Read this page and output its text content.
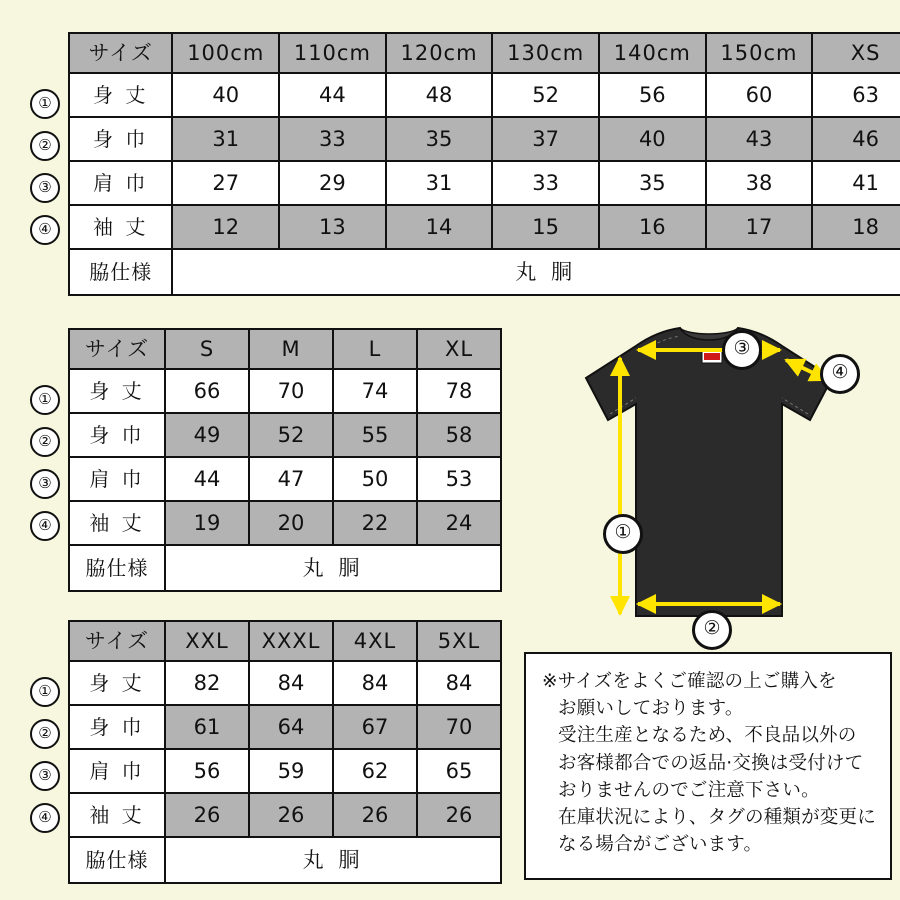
サイズ	100cm	110cm	120cm	130cm	140cm	150cm	XS
身 丈	40	44	48	52	56	60	63
身 巾	31	33	35	37	40	43	46
肩 巾	27	29	31	33	35	38	41
袖 丈	12	13	14	15	16	17	18
脇仕様	丸 胴						
①
②
③
④
サイズ	S	M	L	XL
身 丈	66	70	74	78
身 巾	49	52	55	58
肩 巾	44	47	50	53
袖 丈	19	20	22	24
脇仕様	丸 胴			
①
②
③
④
サイズ	XXL	XXXL	4XL	5XL
身 丈	82	84	84	84
身 巾	61	64	67	70
肩 巾	56	59	62	65
袖 丈	26	26	26	26
脇仕様	丸 胴			
①
②
③
④
③
④
①
②

※サイズをよくご確認の上ご購入を

お願いしております。

受注生産となるため、不良品以外の

お客様都合での返品·交換は受付けて

おりませんのでご注意下さい。

在庫状況により、タグの種類が変更に

なる場合がございます。
